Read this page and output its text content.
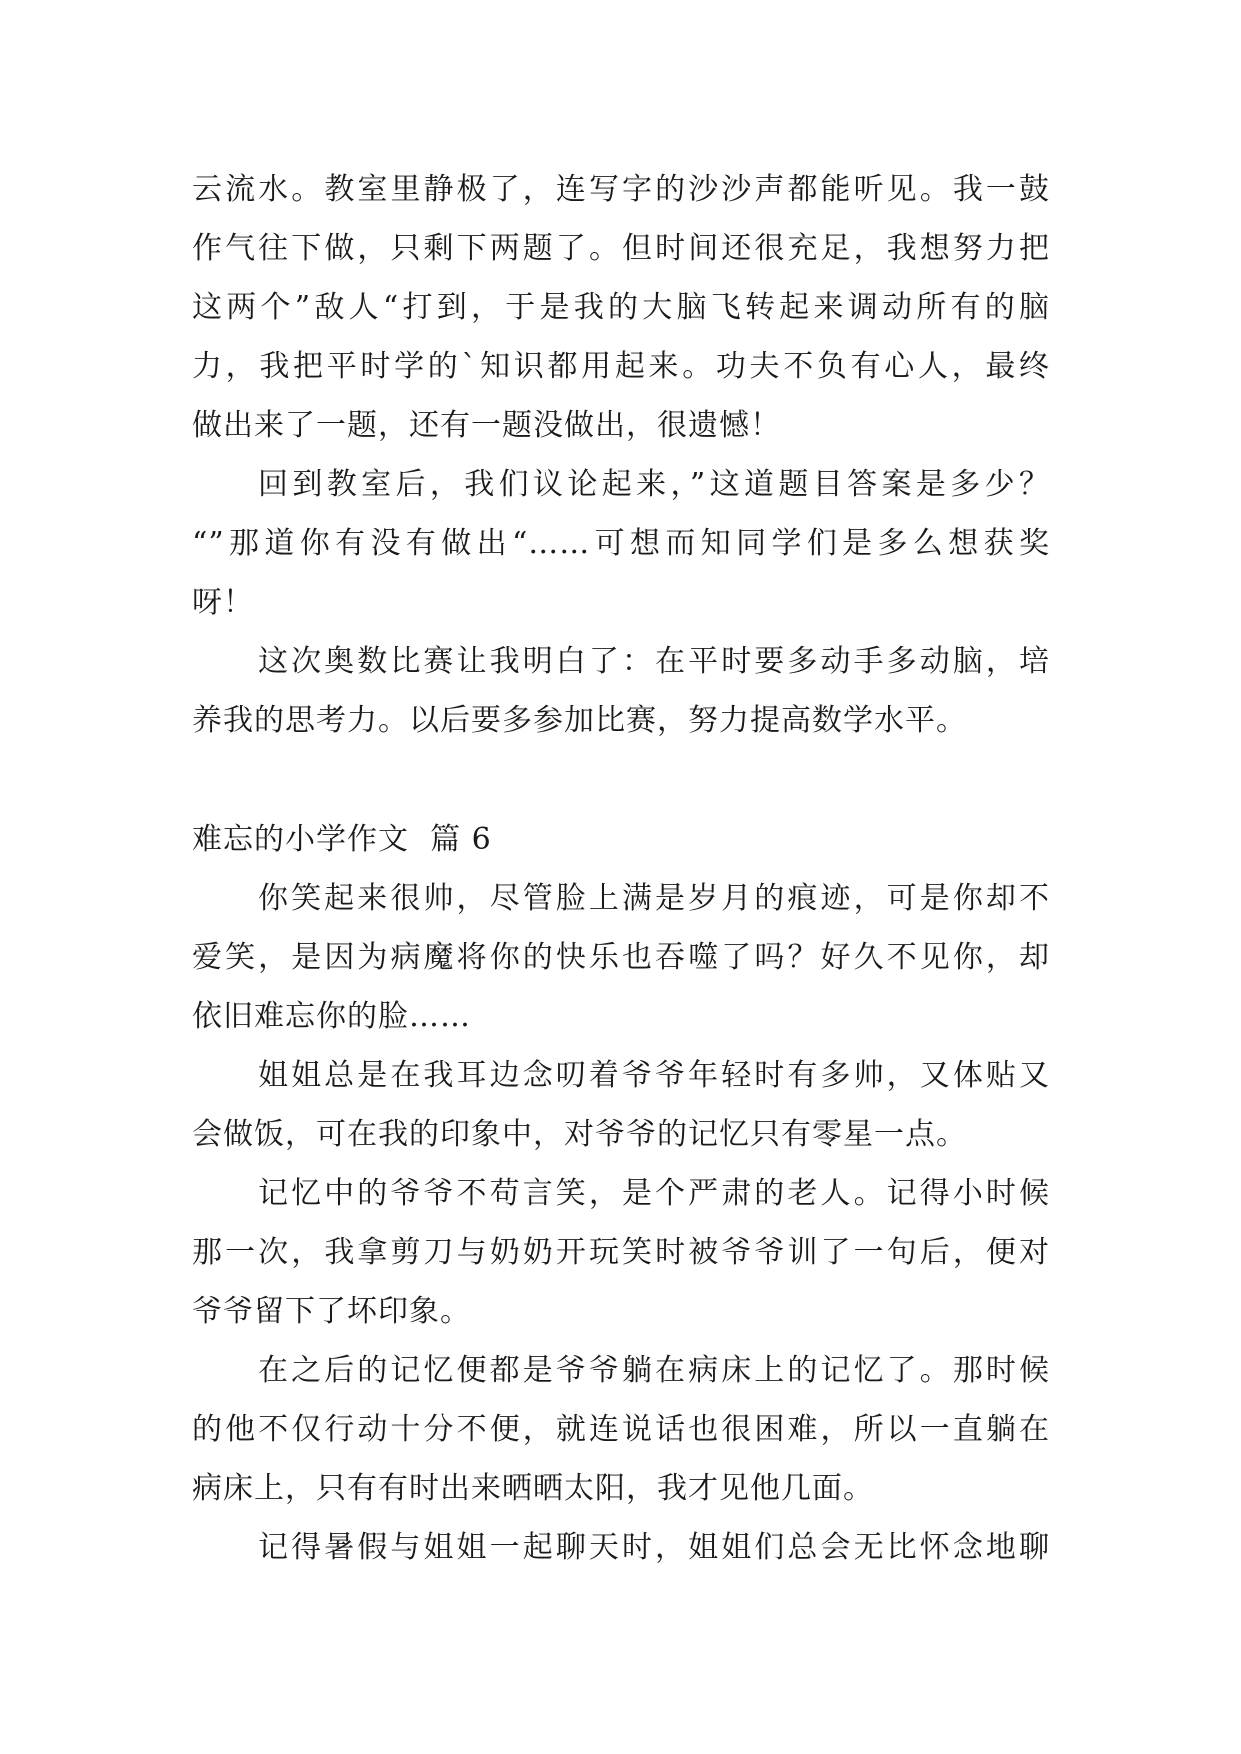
云流水。教室里静极了，连写字的沙沙声都能听见。我一鼓
作气往下做，只剩下两题了。但时间还很充足，我想努力把
这两个”敌人“打到，于是我的大脑飞转起来调动所有的脑
力，我把平时学的`知识都用起来。功夫不负有心人，最终
做出来了一题，还有一题没做出，很遗憾！
回到教室后，我们议论起来，”这道题目答案是多少？
“”那道你有没有做出“……可想而知同学们是多么想获奖
呀！
这次奥数比赛让我明白了：在平时要多动手多动脑，培
养我的思考力。以后要多参加比赛，努力提高数学水平。
难忘的小学作文  篇 6
你笑起来很帅，尽管脸上满是岁月的痕迹，可是你却不
爱笑，是因为病魔将你的快乐也吞噬了吗？好久不见你，却
依旧难忘你的脸……
姐姐总是在我耳边念叨着爷爷年轻时有多帅，又体贴又
会做饭，可在我的印象中，对爷爷的记忆只有零星一点。
记忆中的爷爷不苟言笑，是个严肃的老人。记得小时候
那一次，我拿剪刀与奶奶开玩笑时被爷爷训了一句后，便对
爷爷留下了坏印象。
在之后的记忆便都是爷爷躺在病床上的记忆了。那时候
的他不仅行动十分不便，就连说话也很困难，所以一直躺在
病床上，只有有时出来晒晒太阳，我才见他几面。
记得暑假与姐姐一起聊天时，姐姐们总会无比怀念地聊
